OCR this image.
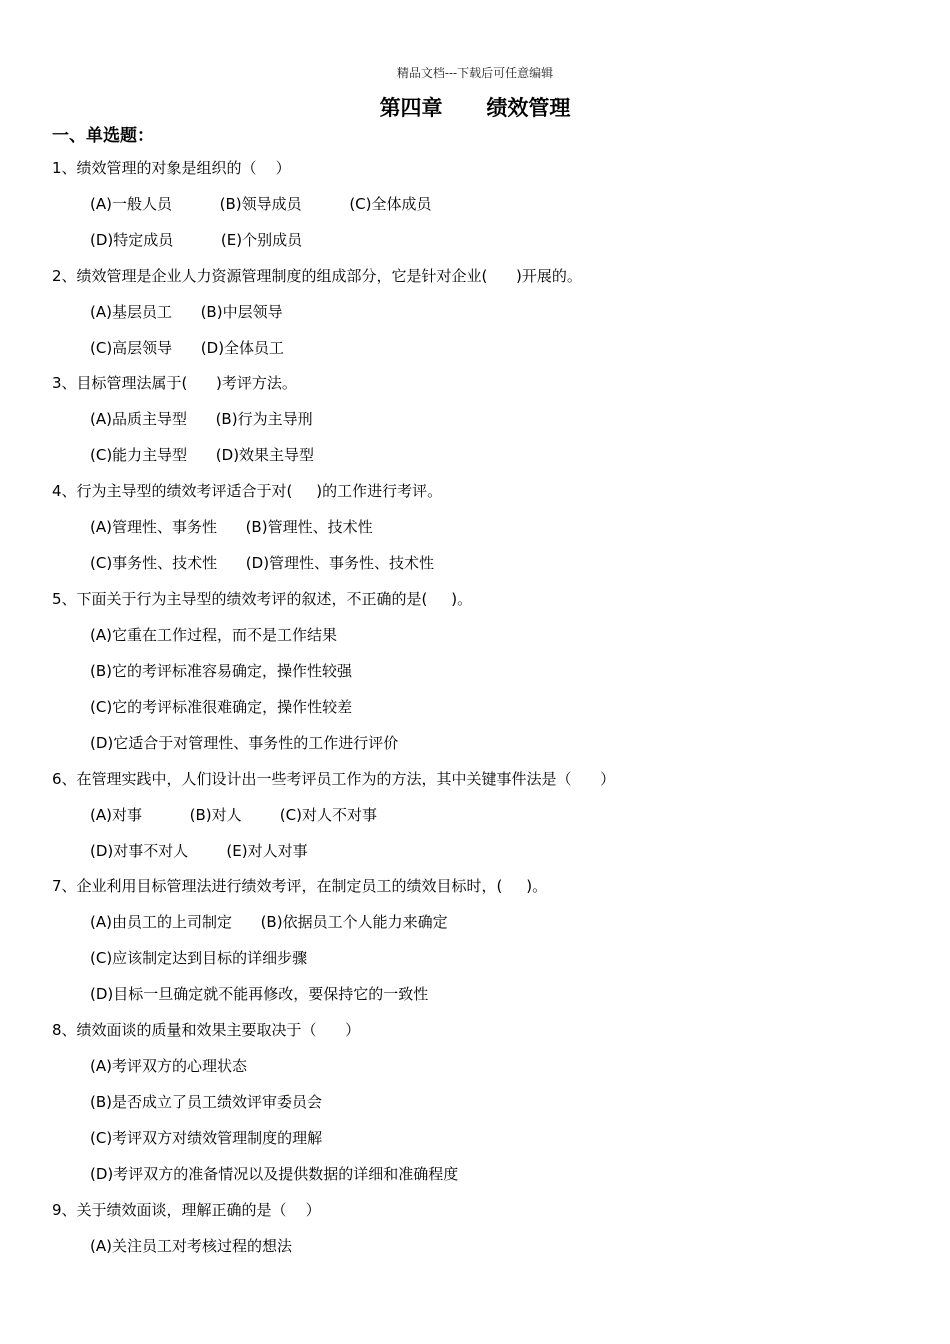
精品文档---下载后可任意编辑
第四章      绩效管理
一、单选题：
1、绩效管理的对象是组织的（    ）
(A)一般人员          (B)领导成员          (C)全体成员
(D)特定成员          (E)个别成员
2、绩效管理是企业人力资源管理制度的组成部分，它是针对企业(      )开展的。
(A)基层员工      (B)中层领导
(C)高层领导      (D)全体员工
3、目标管理法属于(      )考评方法。
(A)品质主导型      (B)行为主导刑
(C)能力主导型      (D)效果主导型
4、行为主导型的绩效考评适合于对(     )的工作进行考评。
(A)管理性、事务性      (B)管理性、技术性
(C)事务性、技术性      (D)管理性、事务性、技术性
5、下面关于行为主导型的绩效考评的叙述，不正确的是(     )。
(A)它重在工作过程，而不是工作结果
(B)它的考评标准容易确定，操作性较强
(C)它的考评标准很难确定，操作性较差
(D)它适合于对管理性、事务性的工作进行评价
6、在管理实践中，人们设计出一些考评员工作为的方法，其中关键事件法是（      ）
(A)对事          (B)对人        (C)对人不对事
(D)对事不对人        (E)对人对事
7、企业利用目标管理法进行绩效考评，在制定员工的绩效目标时，(     )。
(A)由员工的上司制定      (B)依据员工个人能力来确定
(C)应该制定达到目标的详细步骤
(D)目标一旦确定就不能再修改，要保持它的一致性
8、绩效面谈的质量和效果主要取决于（      ）
(A)考评双方的心理状态
(B)是否成立了员工绩效评审委员会
(C)考评双方对绩效管理制度的理解
(D)考评双方的准备情况以及提供数据的详细和准确程度
9、关于绩效面谈，理解正确的是（    ）
(A)关注员工对考核过程的想法
